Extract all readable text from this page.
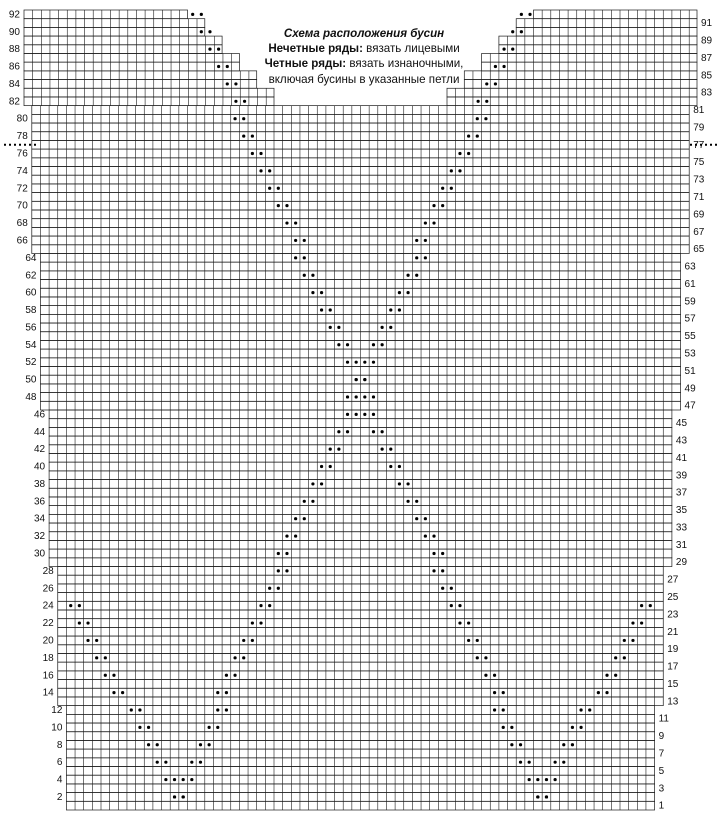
1
2
3
4
5
6
7
8
9
10
11
12
13
14
15
16
17
18
19
20
21
22
23
24
25
26
27
28
29
30
31
32
33
34
35
36
37
38
39
40
41
42
43
44
45
46
47
48
49
50
51
52
53
54
55
56
57
58
59
60
61
62
63
64
65
66
67
68
69
70
71
72
73
74
75
76
77
78
79
80
81
82
83
84
85
86
87
88
89
90
91
92
Схема расположения бусин
Нечетные ряды: вязать лицевыми
Четные ряды: вязать изнаночными,
включая бусины в указанные петли
